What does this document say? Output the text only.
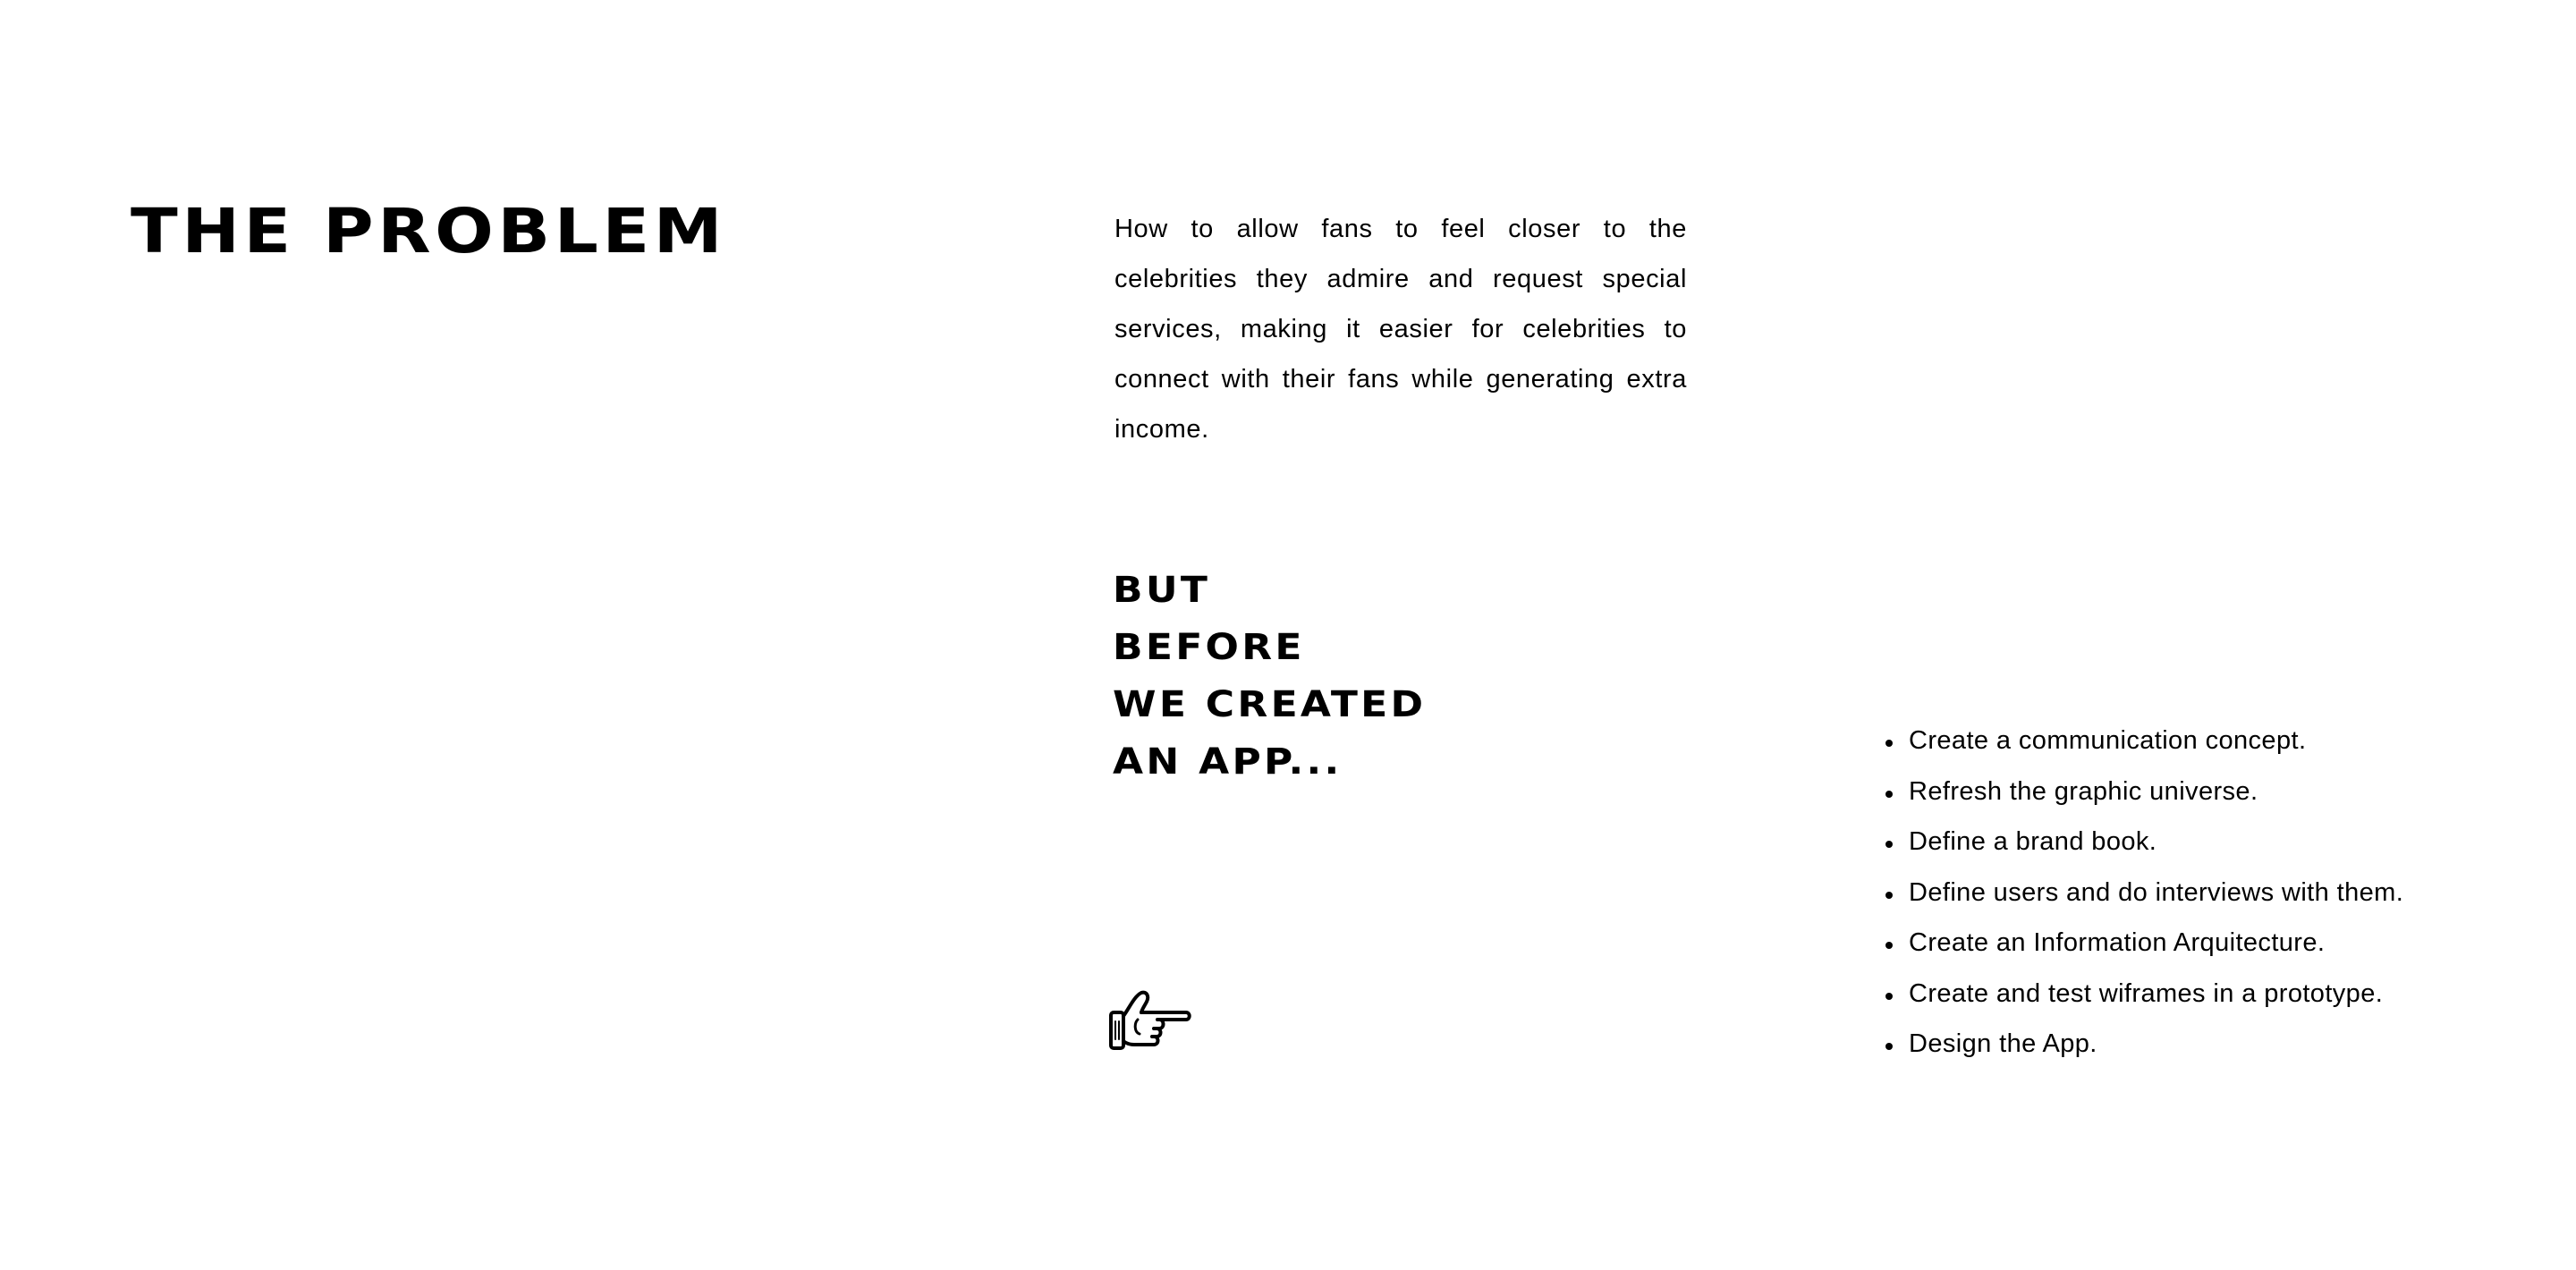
THE PROBLEM	How to allow fans to feel closer to the celebrities they admire and request special services, making it easier for celebrities to connect with their fans while generating extra income.

BUT
BEFORE
WE CREATED
AN APP...
Create a communication concept.
Refresh the graphic universe.
Define a brand book.
Define users and do interviews with them.
Create an Information Arquitecture.
Create and test wiframes in a prototype.
Design the App.
